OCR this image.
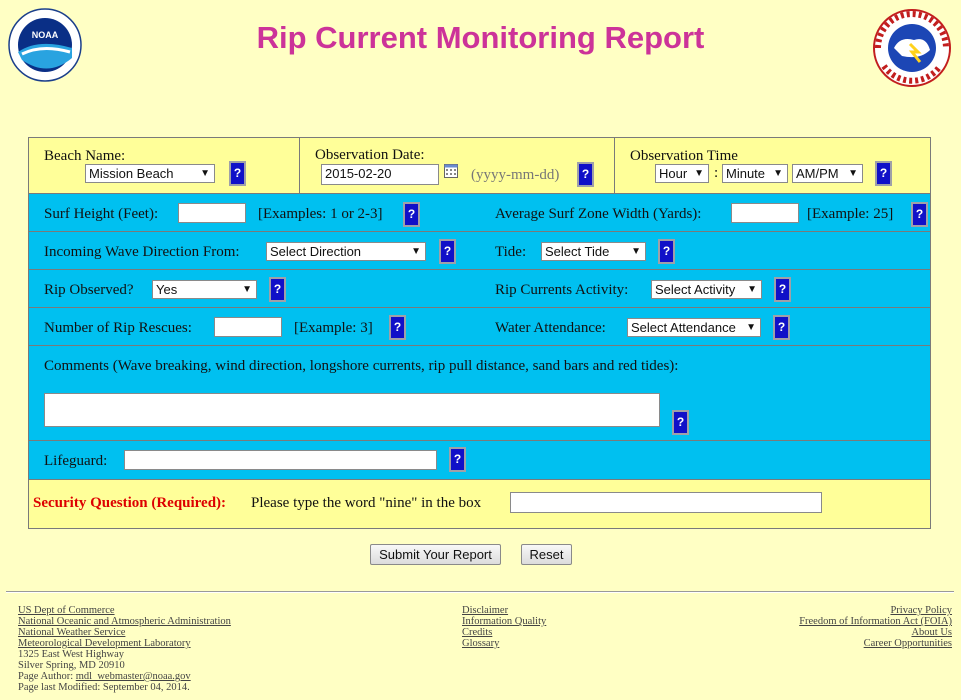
NOAA	Rip Current Monitoring Report
Beach Name:
Mission Beach	▼	?
Observation Date:
2015-02-20	(yyyy-mm-dd)	?
Observation Time
Hour ▼ : Minute ▼	AM/PM ▼	?
Surf Height (Feet):	[Examples: 1 or 2-3]	?	Average Surf Zone Width (Yards):	[Example: 25]	?
Incoming Wave Direction From:	Select Direction	▼	?	Tide:	Select Tide ▼	?
Rip Observed?	Yes	▼	?	Rip Currents Activity:	Select Activity ▼	?
Number of Rip Rescues:	[Example: 3]	?	Water Attendance:	Select Attendance ▼	?
Comments (Wave breaking, wind direction, longshore currents, rip pull distance, sand bars and red tides):
?
Lifeguard:	?
Security Question (Required): Please type the word "nine" in the box
Submit Your Report	Reset
US Dept of Commerce
National Oceanic and Atmospheric Administration
National Weather Service
Meteorological Development Laboratory
1325 East West Highway
Silver Spring, MD 20910
Page Author: mdl_webmaster@noaa.gov
Page last Modified: September 04, 2014.
Disclaimer
Information Quality
Credits
Glossary
Privacy Policy
Freedom of Information Act (FOIA)
About Us
Career Opportunities
